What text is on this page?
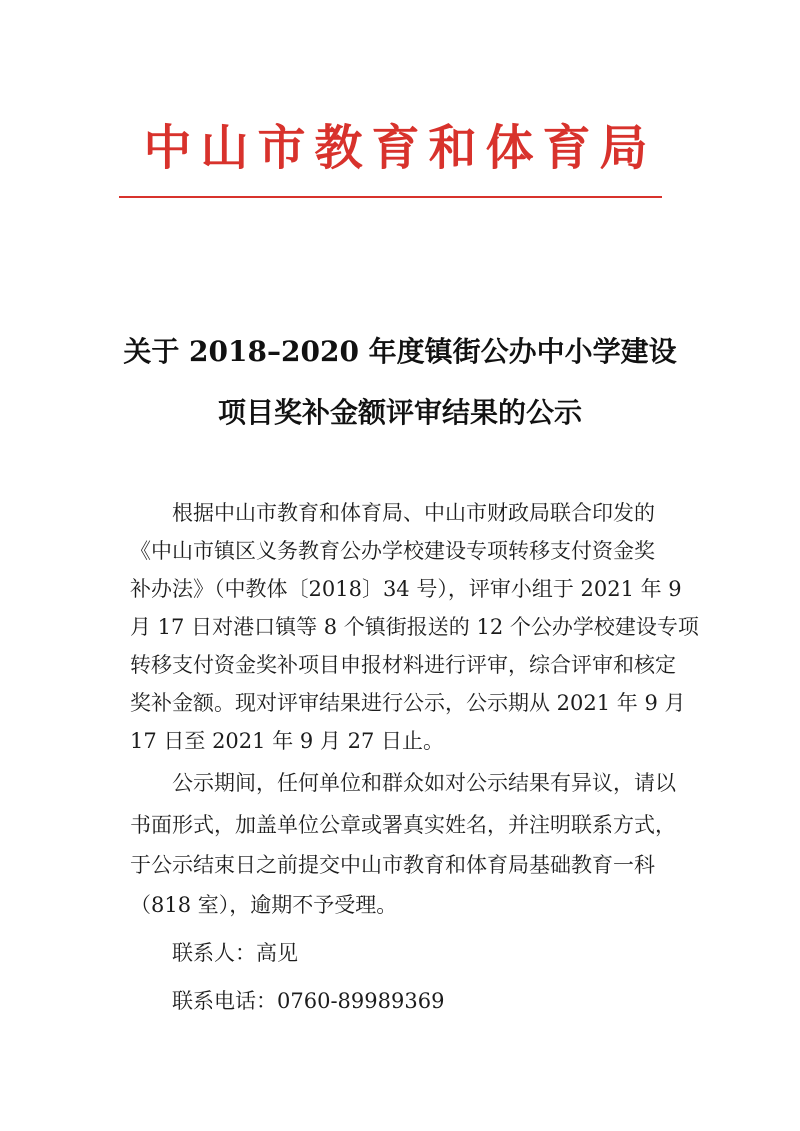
中山市教育和体育局
关于 2018–2020 年度镇街公办中小学建设
项目奖补金额评审结果的公示
　　根据中山市教育和体育局、中山市财政局联合印发的
《中山市镇区义务教育公办学校建设专项转移支付资金奖
补办法》（中教体〔2018〕34 号），评审小组于 2021 年 9
月 17 日对港口镇等 8 个镇街报送的 12 个公办学校建设专项
转移支付资金奖补项目申报材料进行评审，综合评审和核定
奖补金额。现对评审结果进行公示，公示期从 2021 年 9 月
17 日至 2021 年 9 月 27 日止。
　　公示期间，任何单位和群众如对公示结果有异议，请以
书面形式，加盖单位公章或署真实姓名，并注明联系方式，
于公示结束日之前提交中山市教育和体育局基础教育一科
（818 室），逾期不予受理。
　　联系人：高见
　　联系电话：0760-89989369
